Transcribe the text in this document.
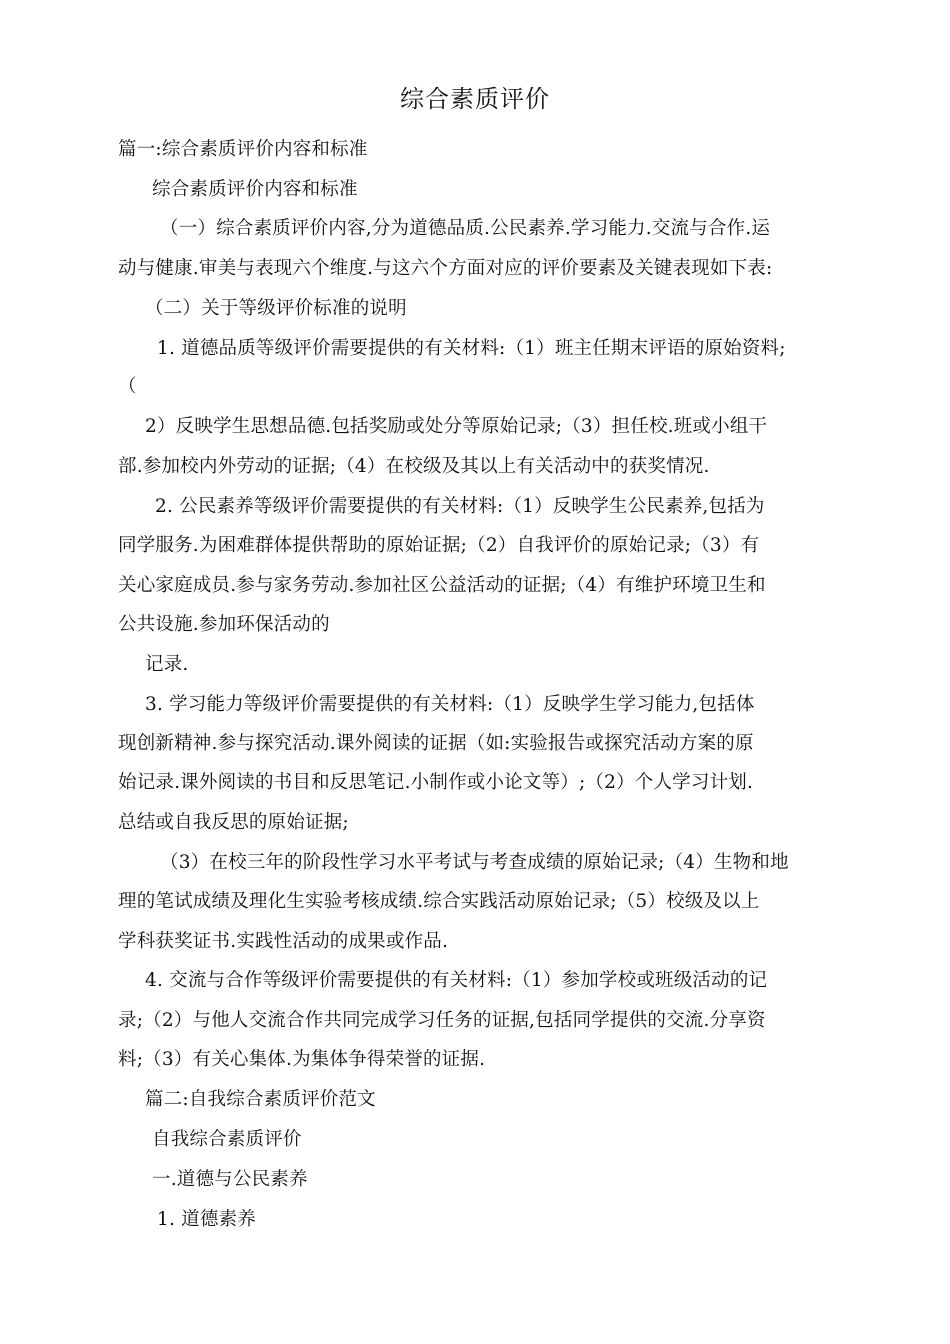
综合素质评价
篇一:综合素质评价内容和标准
综合素质评价内容和标准
（一）综合素质评价内容,分为道德品质.公民素养.学习能力.交流与合作.运
动与健康.审美与表现六个维度.与这六个方面对应的评价要素及关键表现如下表:
（二）关于等级评价标准的说明
1. 道德品质等级评价需要提供的有关材料:（1）班主任期末评语的原始资料;
（
2）反映学生思想品德.包括奖励或处分等原始记录;（3）担任校.班或小组干
部.参加校内外劳动的证据;（4）在校级及其以上有关活动中的获奖情况.
2. 公民素养等级评价需要提供的有关材料:（1）反映学生公民素养,包括为
同学服务.为困难群体提供帮助的原始证据;（2）自我评价的原始记录;（3）有
关心家庭成员.参与家务劳动.参加社区公益活动的证据;（4）有维护环境卫生和
公共设施.参加环保活动的
记录.
3. 学习能力等级评价需要提供的有关材料:（1）反映学生学习能力,包括体
现创新精神.参与探究活动.课外阅读的证据（如:实验报告或探究活动方案的原
始记录.课外阅读的书目和反思笔记.小制作或小论文等）;（2）个人学习计划.
总结或自我反思的原始证据;
（3）在校三年的阶段性学习水平考试与考查成绩的原始记录;（4）生物和地
理的笔试成绩及理化生实验考核成绩.综合实践活动原始记录;（5）校级及以上
学科获奖证书.实践性活动的成果或作品.
4. 交流与合作等级评价需要提供的有关材料:（1）参加学校或班级活动的记
录;（2）与他人交流合作共同完成学习任务的证据,包括同学提供的交流.分享资
料;（3）有关心集体.为集体争得荣誉的证据.
篇二:自我综合素质评价范文
自我综合素质评价
一.道德与公民素养
1. 道德素养
